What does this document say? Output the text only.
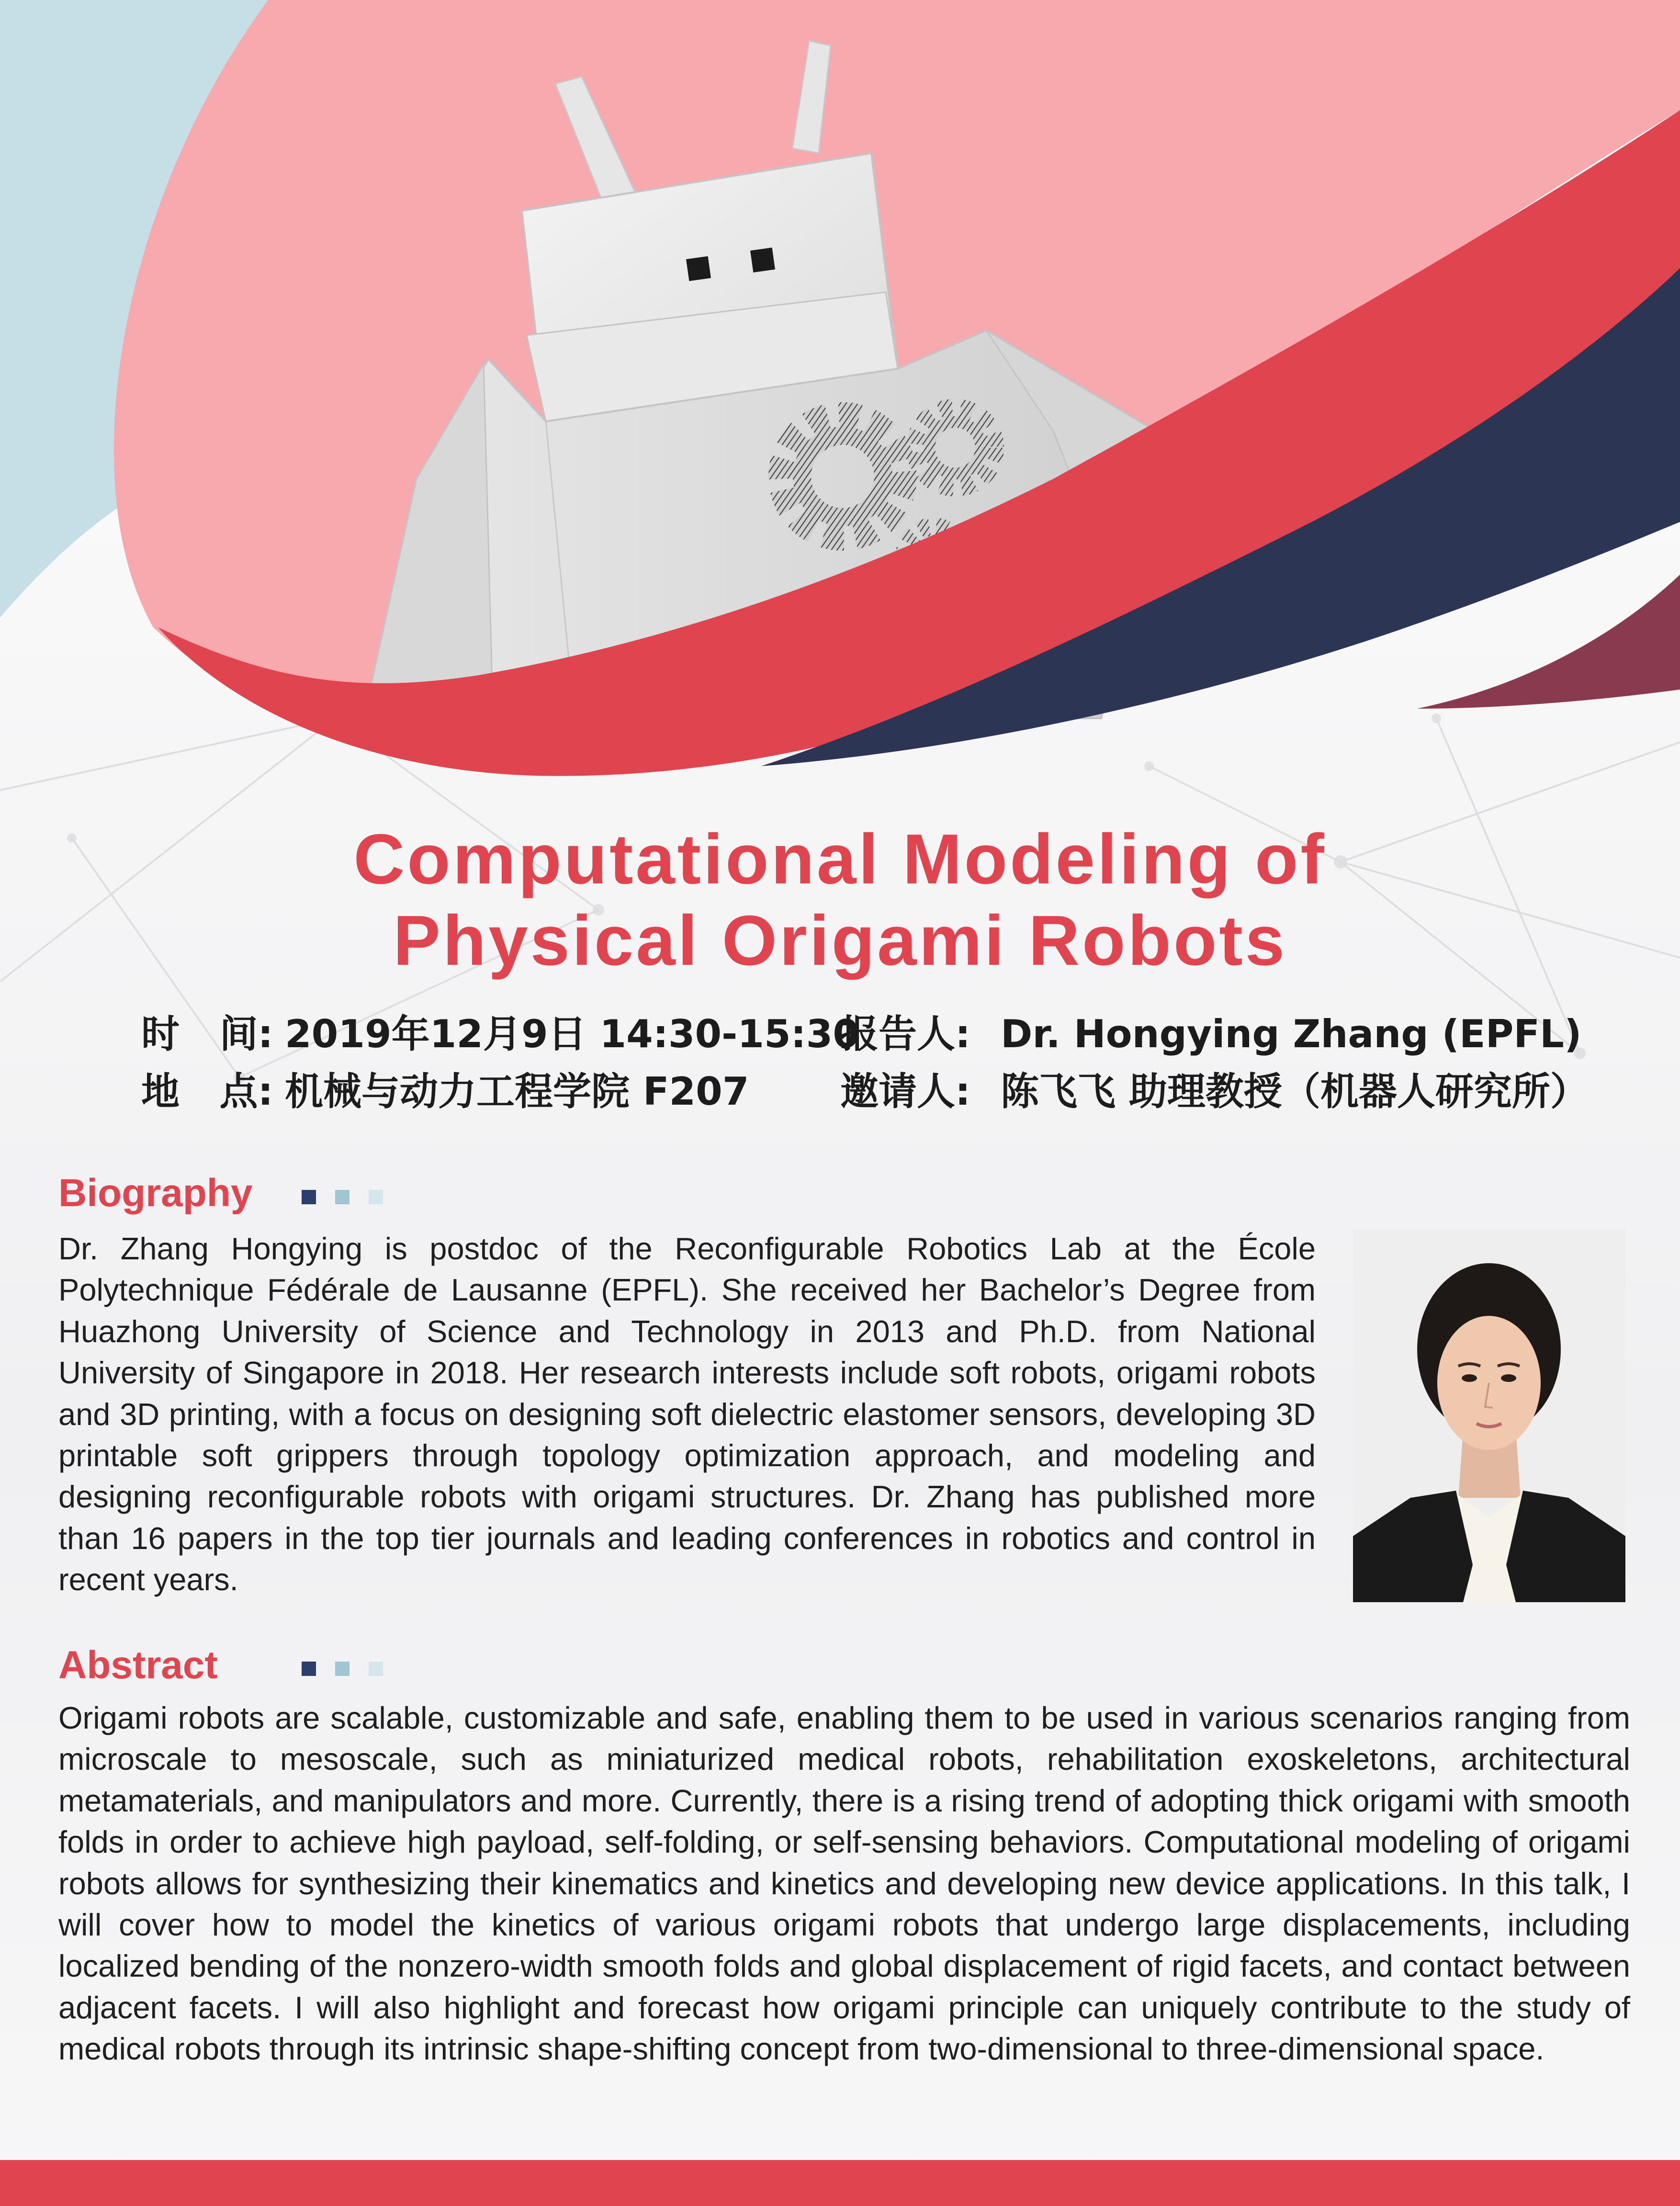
Computational Modeling of
Physical Origami Robots
时   间: 2019年12月9日 14:30-15:30
地   点: 机械与动力工程学院 F207
报告人: Dr. Hongying Zhang (EPFL)
邀请人: 陈飞飞 助理教授（机器人研究所）
Biography

Dr. Zhang Hongying is postdoc of the Reconfigurable Robotics Lab at the École Polytechnique Fédérale de Lausanne (EPFL). She received her Bachelor’s Degree from Huazhong University of Science and Technology in 2013 and Ph.D. from National University of Singapore in 2018. Her research interests include soft robots, origami robots and 3D printing, with a focus on designing soft dielectric elastomer sensors, developing 3D printable soft grippers through topology optimization approach, and modeling and designing reconfigurable robots with origami structures. Dr. Zhang has published more than 16 papers in the top tier journals and leading conferences in robotics and control in recent years.

Abstract

Origami robots are scalable, customizable and safe, enabling them to be used in various scenarios ranging from microscale to mesoscale, such as miniaturized medical robots, rehabilitation exoskeletons, architectural metamaterials, and manipulators and more. Currently, there is a rising trend of adopting thick origami with smooth folds in order to achieve high payload, self-folding, or self-sensing behaviors. Computational modeling of origami robots allows for synthesizing their kinematics and kinetics and developing new device applications. In this talk, I will cover how to model the kinetics of various origami robots that undergo large displacements, including localized bending of the nonzero-width smooth folds and global displacement of rigid facets, and contact between adjacent facets. I will also highlight and forecast how origami principle can uniquely contribute to the study of medical robots through its intrinsic shape-shifting concept from two-dimensional to three-dimensional space.
